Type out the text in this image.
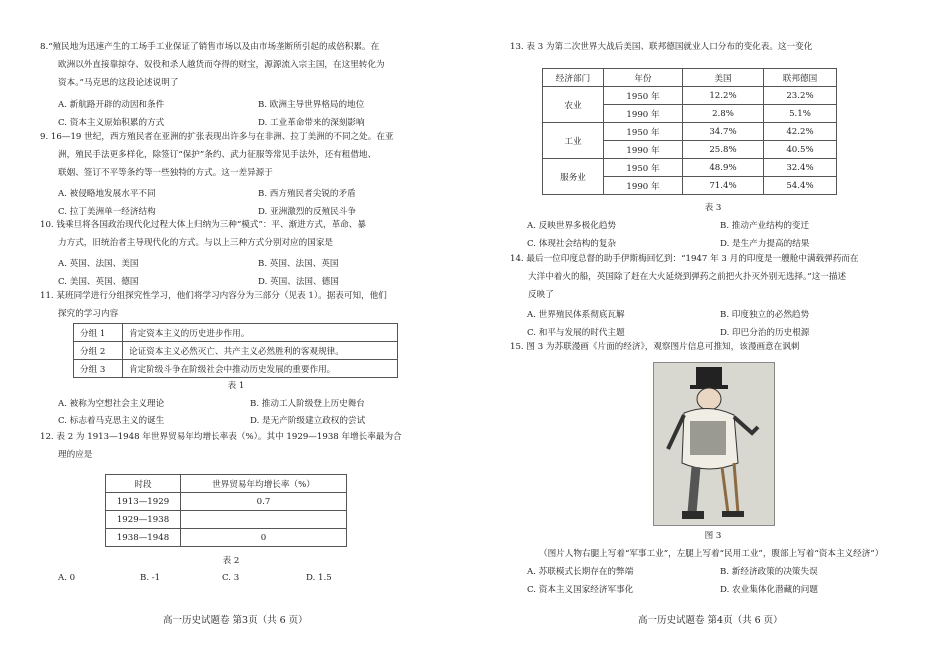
8.“殖民地为迅速产生的工场手工业保证了销售市场以及由市场垄断所引起的成倍积累。在
欧洲以外直接靠掠夺、奴役和杀人越货而夺得的财宝，源源流入宗主国，在这里转化为
资本。”马克思的这段论述说明了
A. 新航路开辟的动因和条件	B. 欧洲主导世界格局的地位
C. 资本主义原始积累的方式	D. 工业革命带来的深刻影响
9. 16—19 世纪，西方殖民者在亚洲的扩张表现出许多与在非洲、拉丁美洲的不同之处。在亚
洲，殖民手法更多样化，除签订“保护”条约、武力征服等常见手法外，还有租借地、
联姻、签订不平等条约等一些独特的方式。这一差异源于
A. 被侵略地发展水平不同	B. 西方殖民者尖锐的矛盾
C. 拉丁美洲单一经济结构	D. 亚洲激烈的反殖民斗争
10. 钱乘旦将各国政治现代化过程大体上归纳为三种“模式”：平、渐进方式，革命、暴
力方式，旧统治者主导现代化的方式。与以上三种方式分别对应的国家是
A. 英国、法国、美国	B. 英国、法国、英国
C. 美国、英国、德国	D. 英国、法国、德国
11. 某班同学进行分组探究性学习，他们将学习内容分为三部分（见表 1）。据表可知，他们
探究的学习内容
分组 1	肯定资本主义的历史进步作用。
分组 2	论证资本主义必然灭亡、共产主义必然胜利的客观规律。
分组 3	肯定阶级斗争在阶级社会中推动历史发展的重要作用。
表 1
A. 被称为空想社会主义理论	B. 推动工人阶级登上历史舞台
C. 标志着马克思主义的诞生	D. 是无产阶级建立政权的尝试
12. 表 2 为 1913—1948 年世界贸易年均增长率表（%）。其中 1929—1938 年增长率最为合
理的应是
时段	世界贸易年均增长率（%）
1913—1929	0.7
1929—1938	
1938—1948	0
表 2
A. 0	B. -1	C. 3	D. 1.5
高一历史试题卷 第3页（共 6 页）
13. 表 3 为第二次世界大战后美国、联邦德国就业人口分布的变化表。这一变化
经济部门	年份	美国	联邦德国
农业	1950 年	12.2%	23.2%
	1990 年	2.8%	5.1%
工业	1950 年	34.7%	42.2%
	1990 年	25.8%	40.5%
服务业	1950 年	48.9%	32.4%
	1990 年	71.4%	54.4%
表 3
A. 反映世界多极化趋势	B. 推动产业结构的变迁
C. 体现社会结构的复杂	D. 是生产力提高的结果
14. 最后一位印度总督的助手伊斯梅回忆到：“1947 年 3 月的印度是一艘舱中满载弹药而在
大洋中着火的船，英国除了赶在大火延烧到弹药之前把火扑灭外别无选择。”这一描述
反映了
A. 世界殖民体系彻底瓦解	B. 印度独立的必然趋势
C. 和平与发展的时代主题	D. 印巴分治的历史根源
15. 图 3 为苏联漫画《片面的经济》，观察图片信息可推知，该漫画意在讽刺
图 3
（图片人物右腿上写着“军事工业”，左腿上写着“民用工业”，腹部上写着“资本主义经济”）
A. 苏联模式长期存在的弊端	B. 新经济政策的决策失误
C. 资本主义国家经济军事化	D. 农业集体化潜藏的问题
高一历史试题卷 第4页（共 6 页）
